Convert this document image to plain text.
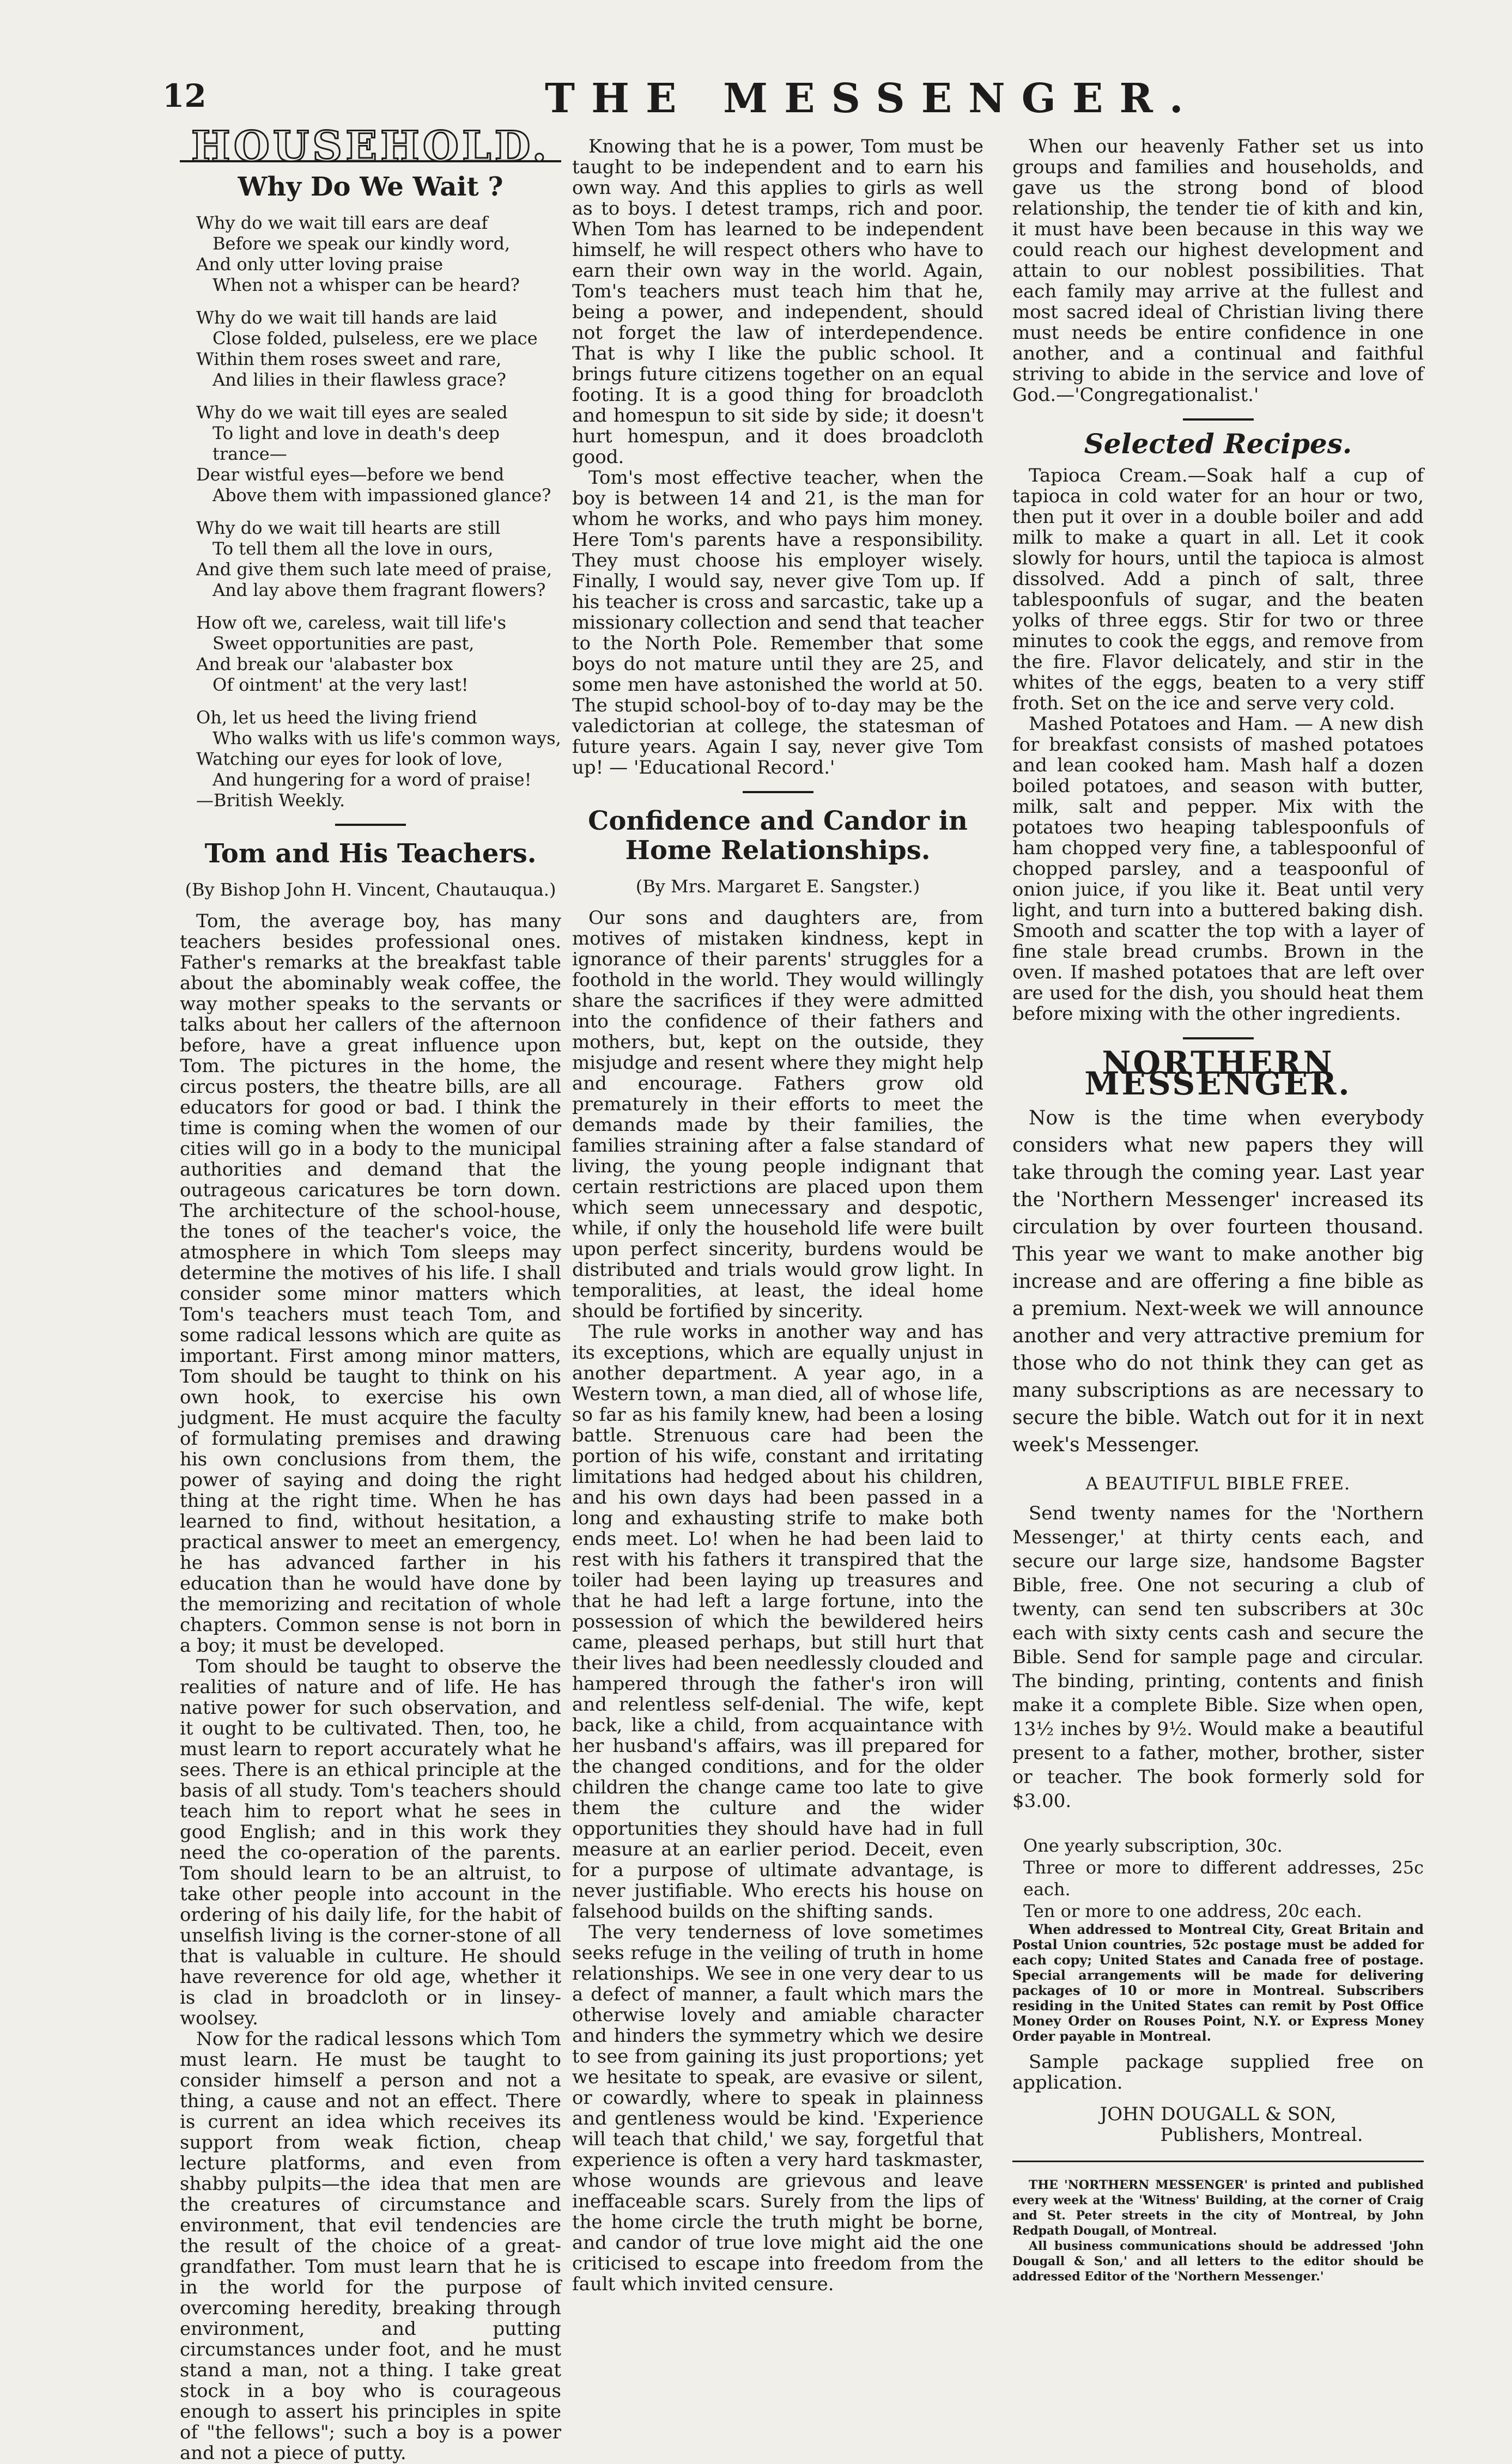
12	THE MESSENGER.
HOUSEHOLD.
Why Do We Wait ?
Why do we wait till ears are deaf
Before we speak our kindly word,
And only utter loving praise
When not a whisper can be heard?
Why do we wait till hands are laid
Close folded, pulseless, ere we place
Within them roses sweet and rare,
And lilies in their flawless grace?
Why do we wait till eyes are sealed
To light and love in death's deep trance—
Dear wistful eyes—before we bend
Above them with impassioned glance?
Why do we wait till hearts are still
To tell them all the love in ours,
And give them such late meed of praise,
And lay above them fragrant flowers?
How oft we, careless, wait till life's
Sweet opportunities are past,
And break our 'alabaster box
Of ointment' at the very last!
Oh, let us heed the living friend
Who walks with us life's common ways,
Watching our eyes for look of love,
And hungering for a word of praise!
—British Weekly.
Tom and His Teachers.
(By Bishop John H. Vincent, Chautauqua.)

Tom, the average boy, has many teachers besides professional ones. Father's remarks at the breakfast table about the abominably weak coffee, the way mother speaks to the servants or talks about her callers of the afternoon before, have a great influence upon Tom. The pictures in the home, the circus posters, the theatre bills, are all educators for good or bad. I think the time is coming when the women of our cities will go in a body to the municipal authorities and demand that the outrageous caricatures be torn down. The architecture of the school-house, the tones of the teacher's voice, the atmosphere in which Tom sleeps may determine the motives of his life. I shall consider some minor matters which Tom's teachers must teach Tom, and some radical lessons which are quite as important. First among minor matters, Tom should be taught to think on his own hook, to exercise his own judgment. He must acquire the faculty of formulating premises and drawing his own conclusions from them, the power of saying and doing the right thing at the right time. When he has learned to find, without hesitation, a practical answer to meet an emergency, he has advanced farther in his education than he would have done by the memorizing and recitation of whole chapters. Common sense is not born in a boy; it must be developed.

Tom should be taught to observe the realities of nature and of life. He has native power for such observation, and it ought to be cultivated. Then, too, he must learn to report accurately what he sees. There is an ethical principle at the basis of all study. Tom's teachers should teach him to report what he sees in good English; and in this work they need the co-operation of the parents. Tom should learn to be an altruist, to take other people into account in the ordering of his daily life, for the habit of unselfish living is the corner-stone of all that is valuable in culture. He should have reverence for old age, whether it is clad in broadcloth or in linsey-woolsey.

Now for the radical lessons which Tom must learn. He must be taught to consider himself a person and not a thing, a cause and not an effect. There is current an idea which receives its support from weak fiction, cheap lecture platforms, and even from shabby pulpits—the idea that men are the creatures of circumstance and environment, that evil tendencies are the result of the choice of a great-grandfather. Tom must learn that he is in the world for the purpose of overcoming heredity, breaking through environment, and putting circumstances under foot, and he must stand a man, not a thing. I take great stock in a boy who is courageous enough to assert his principles in spite of "the fellows"; such a boy is a power and not a piece of putty.

Knowing that he is a power, Tom must be taught to be independent and to earn his own way. And this applies to girls as well as to boys. I detest tramps, rich and poor. When Tom has learned to be independent himself, he will respect others who have to earn their own way in the world. Again, Tom's teachers must teach him that he, being a power, and independent, should not forget the law of interdependence. That is why I like the public school. It brings future citizens together on an equal footing. It is a good thing for broadcloth and homespun to sit side by side; it doesn't hurt homespun, and it does broadcloth good.

Tom's most effective teacher, when the boy is between 14 and 21, is the man for whom he works, and who pays him money. Here Tom's parents have a responsibility. They must choose his employer wisely. Finally, I would say, never give Tom up. If his teacher is cross and sarcastic, take up a missionary collection and send that teacher to the North Pole. Remember that some boys do not mature until they are 25, and some men have astonished the world at 50. The stupid school-boy of to-day may be the valedictorian at college, the statesman of future years. Again I say, never give Tom up! — 'Educational Record.'

Confidence and Candor in Home Relationships.
(By Mrs. Margaret E. Sangster.)

Our sons and daughters are, from motives of mistaken kindness, kept in ignorance of their parents' struggles for a foothold in the world. They would willingly share the sacrifices if they were admitted into the confidence of their fathers and mothers, but, kept on the outside, they misjudge and resent where they might help and encourage. Fathers grow old prematurely in their efforts to meet the demands made by their families, the families straining after a false standard of living, the young people indignant that certain restrictions are placed upon them which seem unnecessary and despotic, while, if only the household life were built upon perfect sincerity, burdens would be distributed and trials would grow light. In temporalities, at least, the ideal home should be fortified by sincerity.

The rule works in another way and has its exceptions, which are equally unjust in another department. A year ago, in a Western town, a man died, all of whose life, so far as his family knew, had been a losing battle. Strenuous care had been the portion of his wife, constant and irritating limitations had hedged about his children, and his own days had been passed in a long and exhausting strife to make both ends meet. Lo! when he had been laid to rest with his fathers it transpired that the toiler had been laying up treasures and that he had left a large fortune, into the possession of which the bewildered heirs came, pleased perhaps, but still hurt that their lives had been needlessly clouded and hampered through the father's iron will and relentless self-denial. The wife, kept back, like a child, from acquaintance with her husband's affairs, was ill prepared for the changed conditions, and for the older children the change came too late to give them the culture and the wider opportunities they should have had in full measure at an earlier period. Deceit, even for a purpose of ultimate advantage, is never justifiable. Who erects his house on falsehood builds on the shifting sands.

The very tenderness of love sometimes seeks refuge in the veiling of truth in home relationships. We see in one very dear to us a defect of manner, a fault which mars the otherwise lovely and amiable character and hinders the symmetry which we desire to see from gaining its just proportions; yet we hesitate to speak, are evasive or silent, or cowardly, where to speak in plainness and gentleness would be kind. 'Experience will teach that child,' we say, forgetful that experience is often a very hard taskmaster, whose wounds are grievous and leave ineffaceable scars. Surely from the lips of the home circle the truth might be borne, and candor of true love might aid the one criticised to escape into freedom from the fault which invited censure.

When our heavenly Father set us into groups and families and households, and gave us the strong bond of blood relationship, the tender tie of kith and kin, it must have been because in this way we could reach our highest development and attain to our noblest possibilities. That each family may arrive at the fullest and most sacred ideal of Christian living there must needs be entire confidence in one another, and a continual and faithful striving to abide in the service and love of God.—'Congregationalist.'

Selected Recipes.

Tapioca Cream.—Soak half a cup of tapioca in cold water for an hour or two, then put it over in a double boiler and add milk to make a quart in all. Let it cook slowly for hours, until the tapioca is almost dissolved. Add a pinch of salt, three tablespoonfuls of sugar, and the beaten yolks of three eggs. Stir for two or three minutes to cook the eggs, and remove from the fire. Flavor delicately, and stir in the whites of the eggs, beaten to a very stiff froth. Set on the ice and serve very cold.

Mashed Potatoes and Ham. — A new dish for breakfast consists of mashed potatoes and lean cooked ham. Mash half a dozen boiled potatoes, and season with butter, milk, salt and pepper. Mix with the potatoes two heaping tablespoonfuls of ham chopped very fine, a tablespoonful of chopped parsley, and a teaspoonful of onion juice, if you like it. Beat until very light, and turn into a buttered baking dish. Smooth and scatter the top with a layer of fine stale bread crumbs. Brown in the oven. If mashed potatoes that are left over are used for the dish, you should heat them before mixing with the other ingredients.

NORTHERN MESSENGER.

Now is the time when everybody considers what new papers they will take through the coming year. Last year the 'Northern Messenger' increased its circulation by over fourteen thousand. This year we want to make another big increase and are offering a fine bible as a premium. Next-week we will announce another and very attractive premium for those who do not think they can get as many subscriptions as are necessary to secure the bible. Watch out for it in next week's Messenger.

A BEAUTIFUL BIBLE FREE.

Send twenty names for the 'Northern Messenger,' at thirty cents each, and secure our large size, handsome Bagster Bible, free. One not securing a club of twenty, can send ten subscribers at 30c each with sixty cents cash and secure the Bible. Send for sample page and circular. The binding, printing, contents and finish make it a complete Bible. Size when open, 13½ inches by 9½. Would make a beautiful present to a father, mother, brother, sister or teacher. The book formerly sold for $3.00.

One yearly subscription, 30c.
Three or more to different addresses, 25c each.
Ten or more to one address, 20c each.

When addressed to Montreal City, Great Britain and Postal Union countries, 52c postage must be added for each copy; United States and Canada free of postage. Special arrangements will be made for delivering packages of 10 or more in Montreal. Subscribers residing in the United States can remit by Post Office Money Order on Rouses Point, N.Y. or Express Money Order payable in Montreal.

Sample package supplied free on application.

JOHN DOUGALL & SON,
Publishers, Montreal.

THE 'NORTHERN MESSENGER' is printed and published every week at the 'Witness' Building, at the corner of Craig and St. Peter streets in the city of Montreal, by John Redpath Dougall, of Montreal.

All business communications should be addressed 'John Dougall & Son,' and all letters to the editor should be addressed Editor of the 'Northern Messenger.'
